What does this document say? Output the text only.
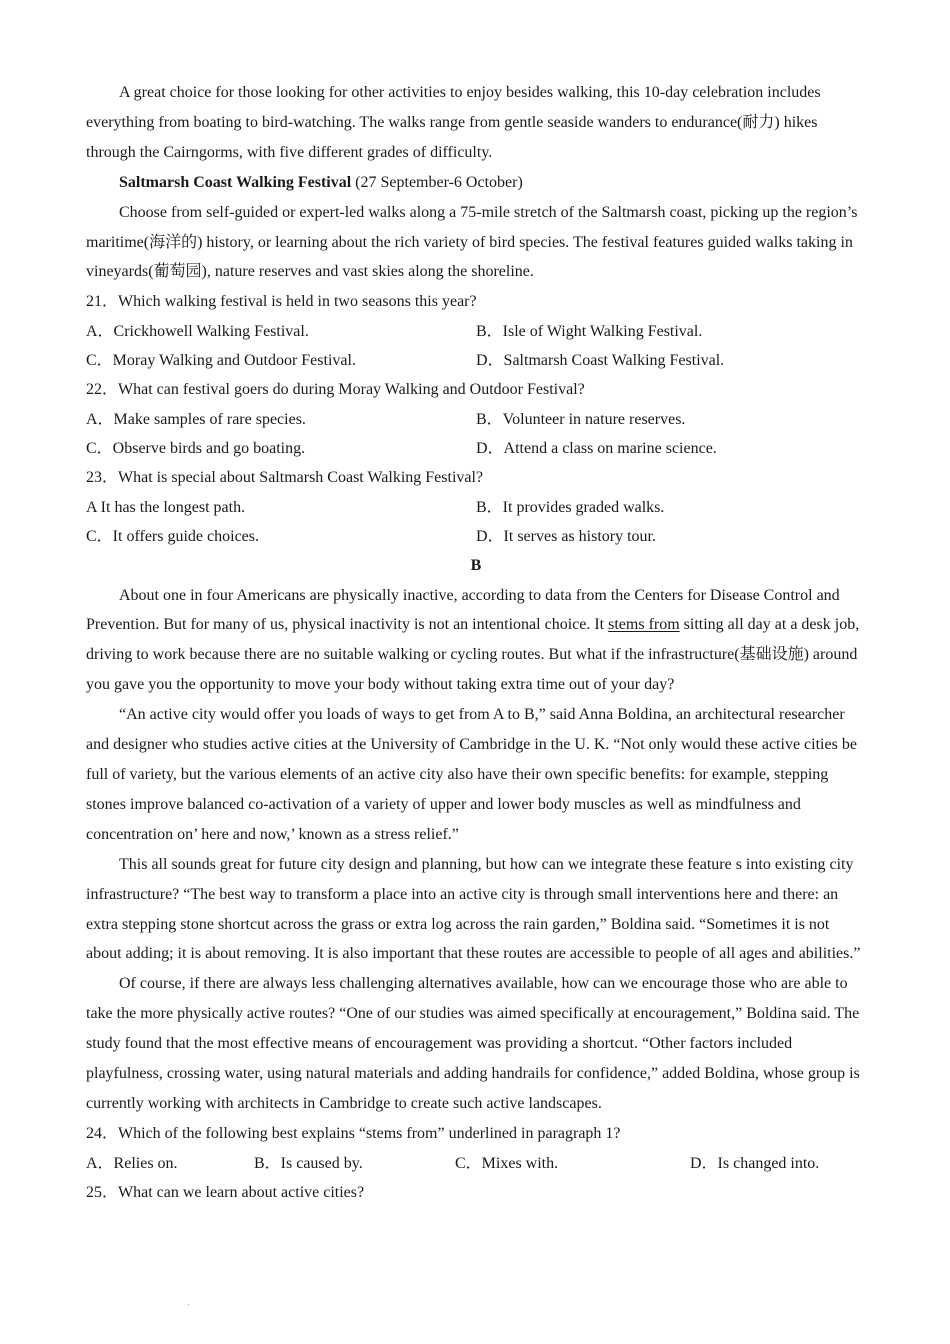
A great choice for those looking for other activities to enjoy besides walking, this 10-day celebration includes everything from boating to bird-watching. The walks range from gentle seaside wanders to endurance(耐力) hikes through the Cairngorms, with five different grades of difficulty.

Saltmarsh Coast Walking Festival (27 September-6 October)

Choose from self-guided or expert-led walks along a 75-mile stretch of the Saltmarsh coast, picking up the region’s maritime(海洋的) history, or learning about the rich variety of bird species. The festival features guided walks taking in vineyards(葡萄园), nature reserves and vast skies along the shoreline.

21．Which walking festival is held in two seasons this year?

A．Crickhowell Walking Festival.	B．Isle of Wight Walking Festival.
C．Moray Walking and Outdoor Festival.	D．Saltmarsh Coast Walking Festival.

22．What can festival goers do during Moray Walking and Outdoor Festival?

A．Make samples of rare species.	B．Volunteer in nature reserves.
C．Observe birds and go boating.	D．Attend a class on marine science.

23．What is special about Saltmarsh Coast Walking Festival?

A It has the longest path.	B．It provides graded walks.
C．It offers guide choices.	D．It serves as history tour.

B

About one in four Americans are physically inactive, according to data from the Centers for Disease Control and Prevention. But for many of us, physical inactivity is not an intentional choice. It stems from sitting all day at a desk job, driving to work because there are no suitable walking or cycling routes. But what if the infrastructure(基础设施) around you gave you the opportunity to move your body without taking extra time out of your day?

“An active city would offer you loads of ways to get from A to B,” said Anna Boldina, an architectural researcher and designer who studies active cities at the University of Cambridge in the U. K. “Not only would these active cities be full of variety, but the various elements of an active city also have their own specific benefits: for example, stepping stones improve balanced co-activation of a variety of upper and lower body muscles as well as mindfulness and concentration on’ here and now,’ known as a stress relief.”

This all sounds great for future city design and planning, but how can we integrate these feature s into existing city infrastructure? “The best way to transform a place into an active city is through small interventions here and there: an extra stepping stone shortcut across the grass or extra log across the rain garden,” Boldina said. “Sometimes it is not about adding; it is about removing. It is also important that these routes are accessible to people of all ages and abilities.”

Of course, if there are always less challenging alternatives available, how can we encourage those who are able to take the more physically active routes? “One of our studies was aimed specifically at encouragement,” Boldina said. The study found that the most effective means of encouragement was providing a shortcut. “Other factors included playfulness, crossing water, using natural materials and adding handrails for confidence,” added Boldina, whose group is currently working with architects in Cambridge to create such active landscapes.

24．Which of the following best explains “stems from” underlined in paragraph 1?

A．Relies on.	B．Is caused by.	C．Mixes with.	D．Is changed into.

25．What can we learn about active cities?
